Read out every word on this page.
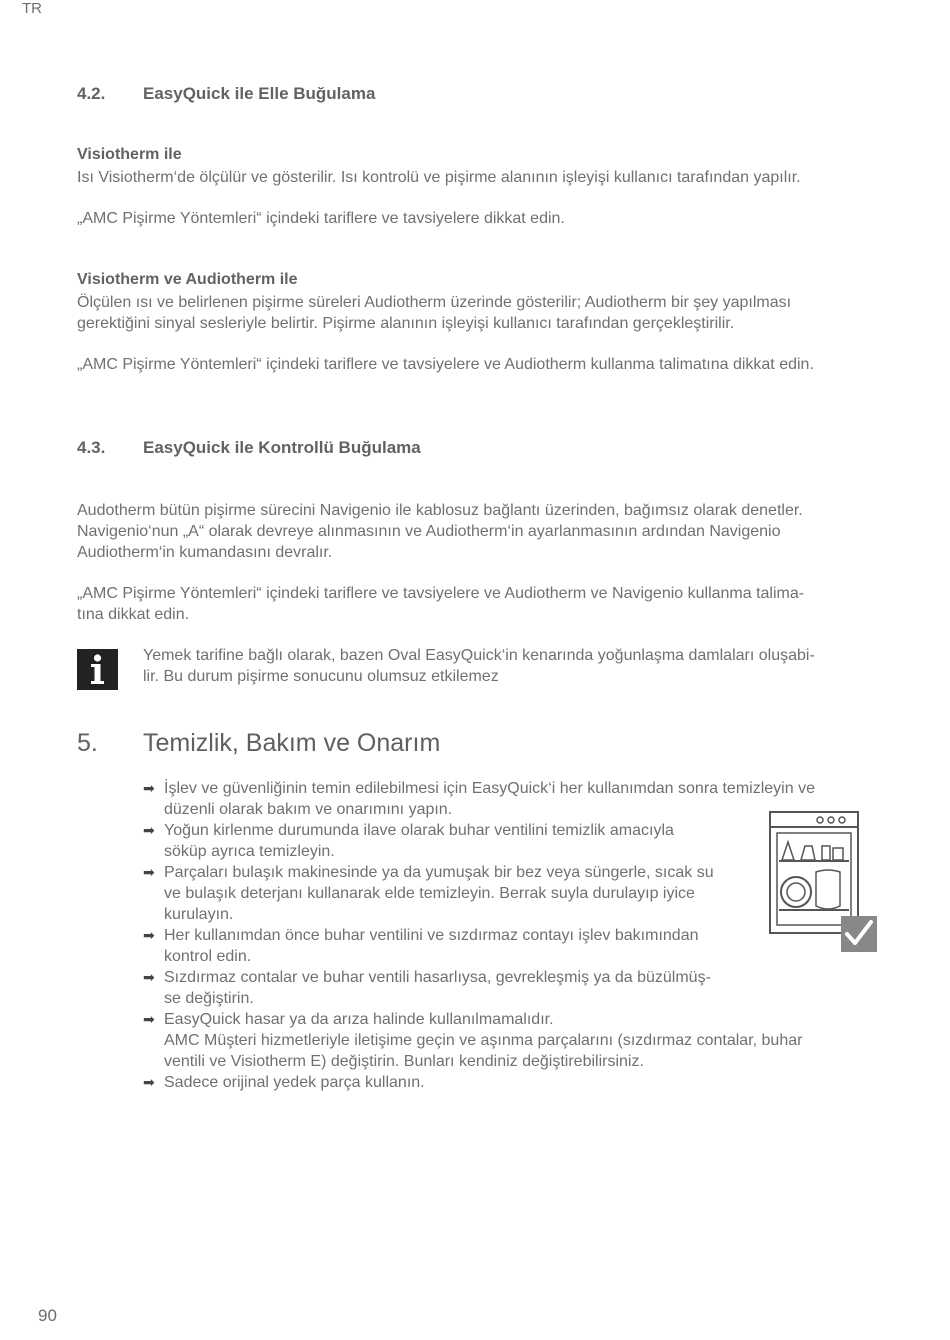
TR
4.2. EasyQuick ile Elle Buğulama
Visiotherm ile
Isı Visiotherm‘de ölçülür ve gösterilir. Isı kontrolü ve pişirme alanının işleyişi kullanıcı tarafından yapılır.
„AMC Pişirme Yöntemleri“ içindeki tariflere ve tavsiyelere dikkat edin.
Visiotherm ve Audiotherm ile
Ölçülen ısı ve belirlenen pişirme süreleri Audiotherm üzerinde gösterilir; Audiotherm bir şey yapılması
gerektiğini sinyal sesleriyle belirtir. Pişirme alanının işleyişi kullanıcı tarafından gerçekleştirilir.
„AMC Pişirme Yöntemleri“ içindeki tariflere ve tavsiyelere ve Audiotherm kullanma talimatına dikkat edin.
4.3. EasyQuick ile Kontrollü Buğulama
Audotherm bütün pişirme sürecini Navigenio ile kablosuz bağlantı üzerinden, bağımsız olarak denetler.
Navigenio‘nun „A“ olarak devreye alınmasının ve Audiotherm‘in ayarlanmasının ardından Navigenio
Audiotherm‘in kumandasını devralır.
„AMC Pişirme Yöntemleri“ içindeki tariflere ve tavsiyelere ve Audiotherm ve Navigenio kullanma talima-
tına dikkat edin.
Yemek tarifine bağlı olarak, bazen Oval EasyQuick‘in kenarında yoğunlaşma damlaları oluşabi-
lir. Bu durum pişirme sonucunu olumsuz etkilemez
5. Temizlik, Bakım ve Onarım
➡ İşlev ve güvenliğinin temin edilebilmesi için EasyQuick‘i her kullanımdan sonra temizleyin ve
düzenli olarak bakım ve onarımını yapın.
➡ Yoğun kirlenme durumunda ilave olarak buhar ventilini temizlik amacıyla
söküp ayrıca temizleyin.
➡ Parçaları bulaşık makinesinde ya da yumuşak bir bez veya süngerle, sıcak su
ve bulaşık deterjanı kullanarak elde temizleyin. Berrak suyla durulayıp iyice
kurulayın.
➡ Her kullanımdan önce buhar ventilini ve sızdırmaz contayı işlev bakımından
kontrol edin.
➡ Sızdırmaz contalar ve buhar ventili hasarlıysa, gevrekleşmiş ya da büzülmüş-
se değiştirin.
➡ EasyQuick hasar ya da arıza halinde kullanılmamalıdır.
AMC Müşteri hizmetleriyle iletişime geçin ve aşınma parçalarını (sızdırmaz contalar, buhar
ventili ve Visiotherm E) değiştirin. Bunları kendiniz değiştirebilirsiniz.
➡ Sadece orijinal yedek parça kullanın.
90
